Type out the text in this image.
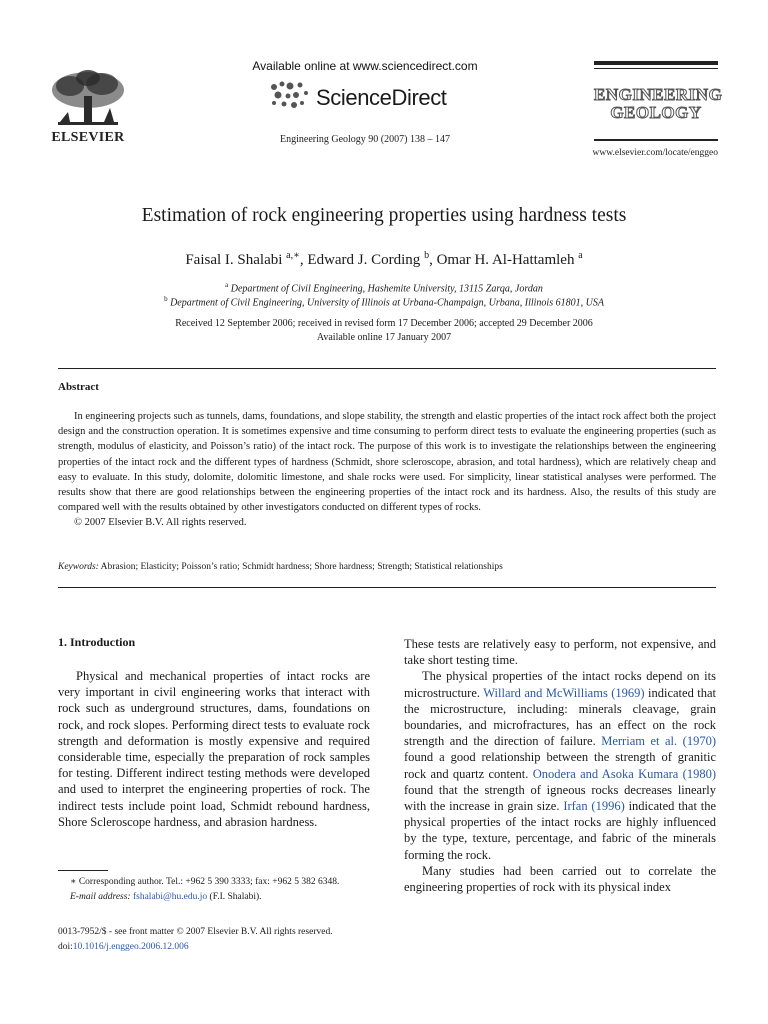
ELSEVIER
Available online at www.sciencedirect.com
ScienceDirect
Engineering Geology 90 (2007) 138 – 147
ENGINEERING
GEOLOGY
www.elsevier.com/locate/enggeo
Estimation of rock engineering properties using hardness tests
Faisal I. Shalabi $^{a,∗}$, Edward J. Cording $^b$, Omar H. Al-Hattamleh $^a$
$^a$ Department of Civil Engineering, Hashemite University, 13115 Zarqa, Jordan
$^b$ Department of Civil Engineering, University of Illinois at Urbana-Champaign, Urbana, Illinois 61801, USA
Received 12 September 2006; received in revised form 17 December 2006; accepted 29 December 2006
Available online 17 January 2007
Abstract

In engineering projects such as tunnels, dams, foundations, and slope stability, the strength and elastic properties of the intact rock affect both the project design and the construction operation. It is sometimes expensive and time consuming to perform direct tests to evaluate the engineering properties (such as strength, modulus of elasticity, and Poisson’s ratio) of the intact rock. The purpose of this work is to investigate the relationships between the engineering properties of the intact rock and the different types of hardness (Schmidt, shore scleroscope, abrasion, and total hardness), which are relatively cheap and easy to evaluate. In this study, dolomite, dolomitic limestone, and shale rocks were used. For simplicity, linear statistical analyses were performed. The results show that there are good relationships between the engineering properties of the intact rock and its hardness. Also, the results of this study are compared well with the results obtained by other investigators conducted on different types of rocks.

© 2007 Elsevier B.V. All rights reserved.

Keywords: Abrasion; Elasticity; Poisson’s ratio; Schmidt hardness; Shore hardness; Strength; Statistical relationships
1. Introduction

Physical and mechanical properties of intact rocks are very important in civil engineering works that interact with rock such as underground structures, dams, foundations on rock, and rock slopes. Performing direct tests to evaluate rock strength and deformation is mostly expensive and required considerable time, especially the preparation of rock samples for testing. Different indirect testing methods were developed and used to interpret the engineering properties of rock. The indirect tests include point load, Schmidt rebound hardness, Shore Scleroscope hardness, and abrasion hardness.

These tests are relatively easy to perform, not expensive, and take short testing time.

The physical properties of the intact rocks depend on its microstructure. Willard and McWilliams (1969) indicated that the microstructure, including: minerals cleavage, grain boundaries, and microfractures, has an effect on the rock strength and the direction of failure. Merriam et al. (1970) found a good relationship between the strength of granitic rock and quartz content. Onodera and Asoka Kumara (1980) found that the strength of igneous rocks decreases linearly with the increase in grain size. Irfan (1996) indicated that the physical properties of the intact rocks are highly influenced by the type, texture, percentage, and fabric of the minerals forming the rock.

Many studies had been carried out to correlate the engineering properties of rock with its physical index

∗ Corresponding author. Tel.: +962 5 390 3333; fax: +962 5 382 6348.
E-mail address: fshalabi@hu.edu.jo (F.I. Shalabi).
0013-7952/$ - see front matter © 2007 Elsevier B.V. All rights reserved.
doi:10.1016/j.enggeo.2006.12.006
